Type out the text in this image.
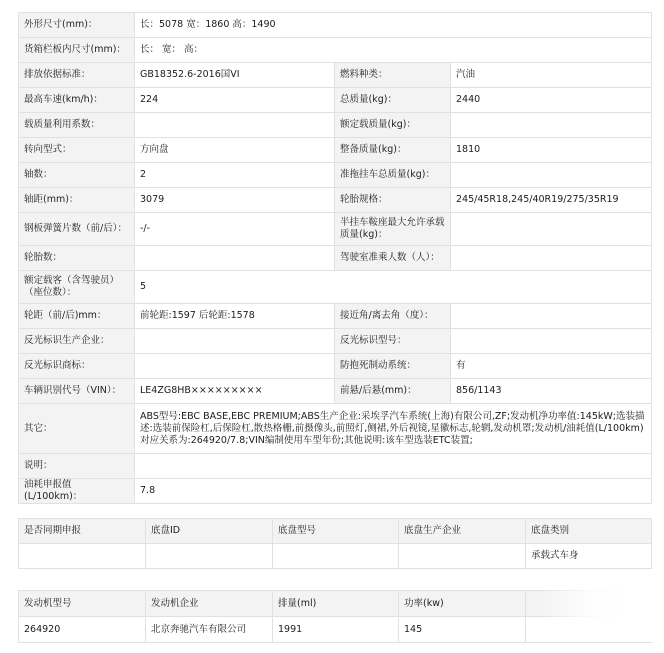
外形尺寸(mm)：	长：5078 宽：1860 高：1490		
货箱栏板内尺寸(mm)：	长： 宽： 高：		
排放依据标准：	GB18352.6-2016国VI	燃料种类：	汽油
最高车速(km/h)：	224	总质量(kg)：	2440
载质量利用系数：		额定载质量(kg)：	
转向型式：	方向盘	整备质量(kg)：	1810
轴数：	2	准拖挂车总质量(kg)：	
轴距(mm)：	3079	轮胎规格：	245/45R18,245/40R19/275/35R19
钢板弹簧片数（前/后）：	-/-	半挂车鞍座最大允许承载质量(kg)：	
轮胎数：		驾驶室准乘人数（人）：	
额定载客（含驾驶员）（座位数）：	5		
轮距（前/后)mm：	前轮距:1597 后轮距:1578	接近角/离去角（度）：	
反光标识生产企业：		反光标识型号：	
反光标识商标：		防抱死制动系统：	有
车辆识别代号（VIN）：	LE4ZG8HB×××××××××	前悬/后悬(mm)：	856/1143
其它：	ABS型号:EBC BASE,EBC PREMIUM;ABS生产企业:采埃孚汽车系统(上海)有限公司,ZF;发动机净功率值:145kW;选装描述:选装前保险杠,后保险杠,散热格栅,前摄像头,前照灯,侧裙,外后视镜,星徽标志,轮辋,发动机罩;发动机/油耗值(L/100km)对应关系为:264920/7.8;VIN编制使用车型年份;其他说明:该车型选装ETC装置;		
说明：			
油耗申报值(L/100km)：	7.8		
是否同期申报	底盘ID	底盘型号	底盘生产企业	底盘类别
				承载式车身
发动机型号	发动机企业	排量(ml)	功率(kw)	
264920	北京奔驰汽车有限公司	1991	145	
